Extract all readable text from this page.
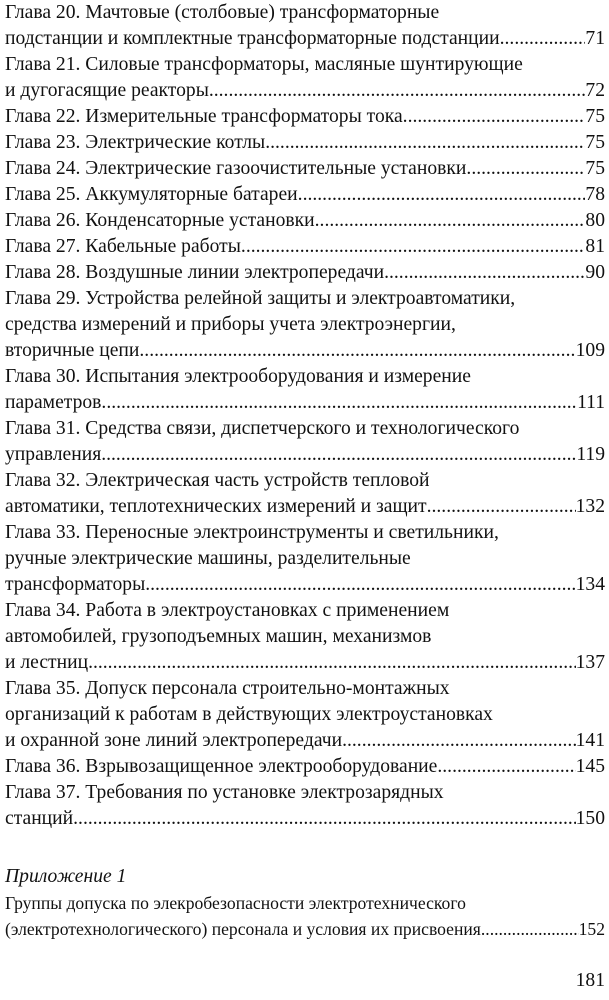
Глава 20. Мачтовые (столбовые) трансформаторные
подстанции и комплектные трансформаторные подстанции .....	71
Глава 21. Силовые трансформаторы, масляные шунтирующие
и дугогасящие реакторы .....	72
Глава 22. Измерительные трансформаторы тока .....	75
Глава 23. Электрические котлы .....	75
Глава 24. Электрические газоочистительные установки .....	75
Глава 25. Аккумуляторные батареи .....	78
Глава 26. Конденсаторные установки .....	80
Глава 27. Кабельные работы .....	81
Глава 28. Воздушные линии электропередачи .....	90
Глава 29. Устройства релейной защиты и электроавтоматики,
средства измерений и приборы учета электроэнергии,
вторичные цепи .....	109
Глава 30. Испытания электрооборудования и измерение
параметров .....	111
Глава 31. Средства связи, диспетчерского и технологического
управления .....	119
Глава 32. Электрическая часть устройств тепловой
автоматики, теплотехнических измерений и защит .....	132
Глава 33. Переносные электроинструменты и светильники,
ручные электрические машины, разделительные
трансформаторы .....	134
Глава 34. Работа в электроустановках с применением
автомобилей, грузоподъемных машин, механизмов
и лестниц .....	137
Глава 35. Допуск персонала строительно-монтажных
организаций к работам в действующих электроустановках
и охранной зоне линий электропередачи .....	141
Глава 36. Взрывозащищенное электрооборудование .....	145
Глава 37. Требования по установке электрозарядных
станций .....	150
Приложение 1
Группы допуска по элекробезопасности электротехнического
(электротехнологического) персонала и условия их присвоения .....	152
181
